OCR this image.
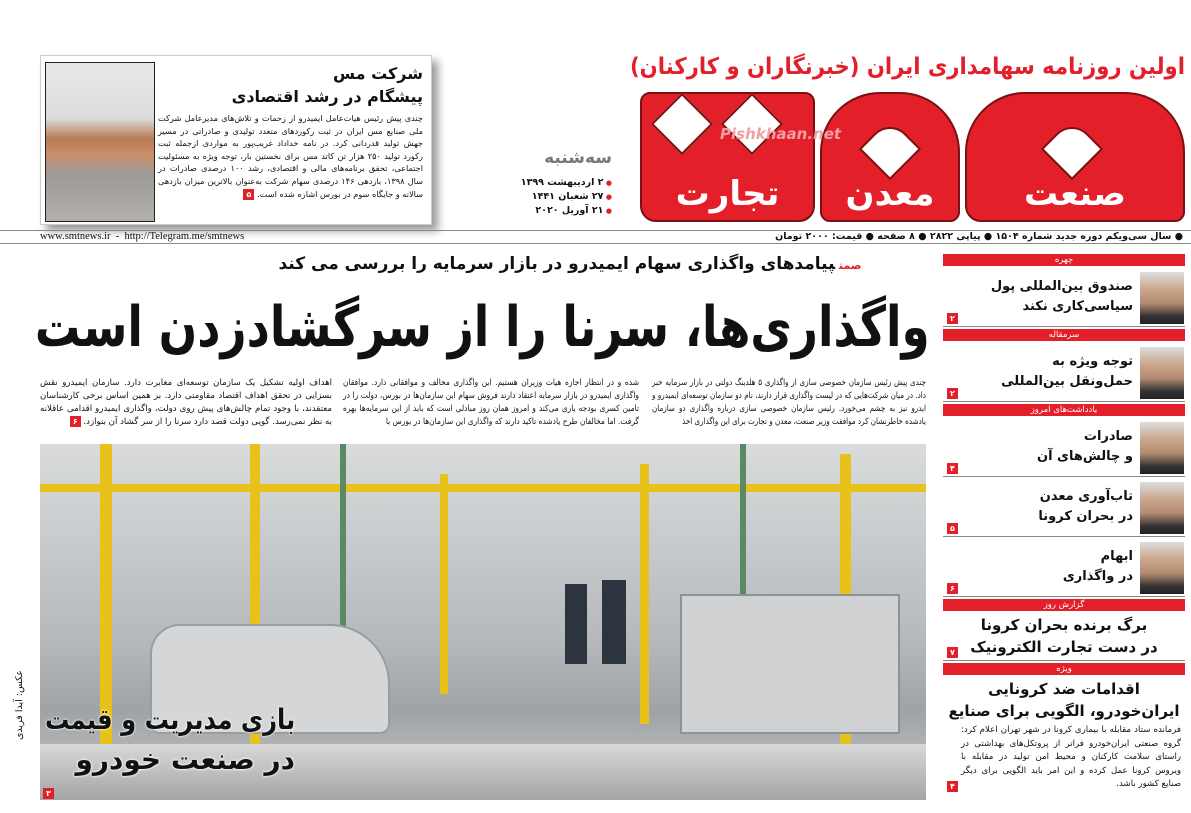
شرکت مس
پیشگام در رشد اقتصادی
چندی پیش رئیس هیات‌عامل ایمیدرو از زحمات و تلاش‌های مدیرعامل شرکت ملی صنایع مس ایران در ثبت رکوردهای متعدد تولیدی و صادراتی در مسیر جهش تولید قدردانی کرد. در نامه خداداد غریب‌پور به مواردی ازجمله ثبت رکورد تولید ۲۵۰ هزار تن کاتد مس برای نخستین بار، توجه ویژه به مسئولیت اجتماعی، تحقق برنامه‌های مالی و اقتصادی، رشد ۱۰۰ درصدی صادرات در سال ۱۳۹۸، بازدهی ۱۴۶ درصدی سهام شرکت به‌عنوان بالاترین میزان بازدهی سالانه و جایگاه سوم در بورس اشاره شده است. ۵
سه‌شنبه
● ۲ اردیبهشت ۱۳۹۹
● ۲۷ شعبان ۱۴۴۱
● ۲۱ آوریل ۲۰۲۰	تجارت	معدن	صنعت
اولین روزنامه سهامداری ایران (خبرنگاران و کارکنان)
Pishkhaan.net
www.smtnews.ir  -  http://Telegram.me/smtnews	● سال سی‌ویکم دوره جدید شماره ۱۵۰۴ ● پیاپی ۲۸۲۲ ● ۸ صفحه ● قیمت: ۲۰۰۰ تومان
صمتپیامدهای واگذاری سهام ایمیدرو در بازار سرمایه را بررسی می کند
واگذاری‌ها، سرنا را از سرگشادزدن است
چندی پیش رئیس سازمان خصوصی سازی از واگذاری ۵ هلدینگ دولتی در بازار سرمایه خبر داد. در میان شرکت‌هایی که در لیست واگذاری قرار دارند، نام دو سازمان توسعه‌ای ایمیدرو و ایدرو نیز به چشم می‌خورد. رئیس سازمان خصوصی سازی درباره واگذاری دو سازمان یادشده خاطرنشان کرد موافقت وزیر صنعت، معدن و تجارت برای این واگذاری اخذ
شده و در انتظار اجازه هیات وزیران هستیم. این واگذاری مخالف و موافقانی دارد. موافقان واگذاری ایمیدرو در بازار سرمایه اعتقاد دارند فروش سهام این سازمان‌ها در بورس، دولت را در تامین کسری بودجه یاری می‌کند و امروز همان روز مبادلی است که باید از این سرمایه‌ها بهره گرفت. اما مخالفان طرح یادشده تاکید دارند که واگذاری این سازمان‌ها در بورس با
اهداف اولیه تشکیل یک سازمان توسعه‌ای مغایرت دارد. سازمان ایمیدرو نقش بسزایی در تحقق اهداف اقتصاد مقاومتی دارد. بر همین اساس برخی کارشناسان معتقدند، با وجود تمام چالش‌های پیش روی دولت، واگذاری ایمیدرو اقدامی عاقلانه به نظر نمی‌رسد. گویی دولت قصد دارد سرنا را از سر گشاد آن بنوازد. ۶
بازی مدیریت و قیمت
در صنعت خودرو
۳
عکس: آیدا فریدی
چهره
صندوق بین‌المللی پول
سیاسی‌کاری نکند
۲
سرمقاله
توجه ویژه به
حمل‌ونقل بین‌المللی
۲
یادداشت‌های امروز
صادرات
و چالش‌های آن
۴
تاب‌آوری معدن
در بحران کرونا
۵
ابهام
در واگذاری
۶
گزارش روز
برگ برنده بحران کرونا
در دست تجارت الکترونیک
۷
ویژه
اقدامات ضد کرونایی
ایران‌خودرو، الگویی برای صنایع
فرمانده ستاد مقابله با بیماری کرونا در شهر تهران اعلام کرد: گروه صنعتی ایران‌خودرو فراتر از پروتکل‌های بهداشتی در راستای سلامت کارکنان و محیط امن تولید در مقابله با ویروس کرونا عمل کرده و این امر باید الگویی برای دیگر صنایع کشور باشد.
۴
